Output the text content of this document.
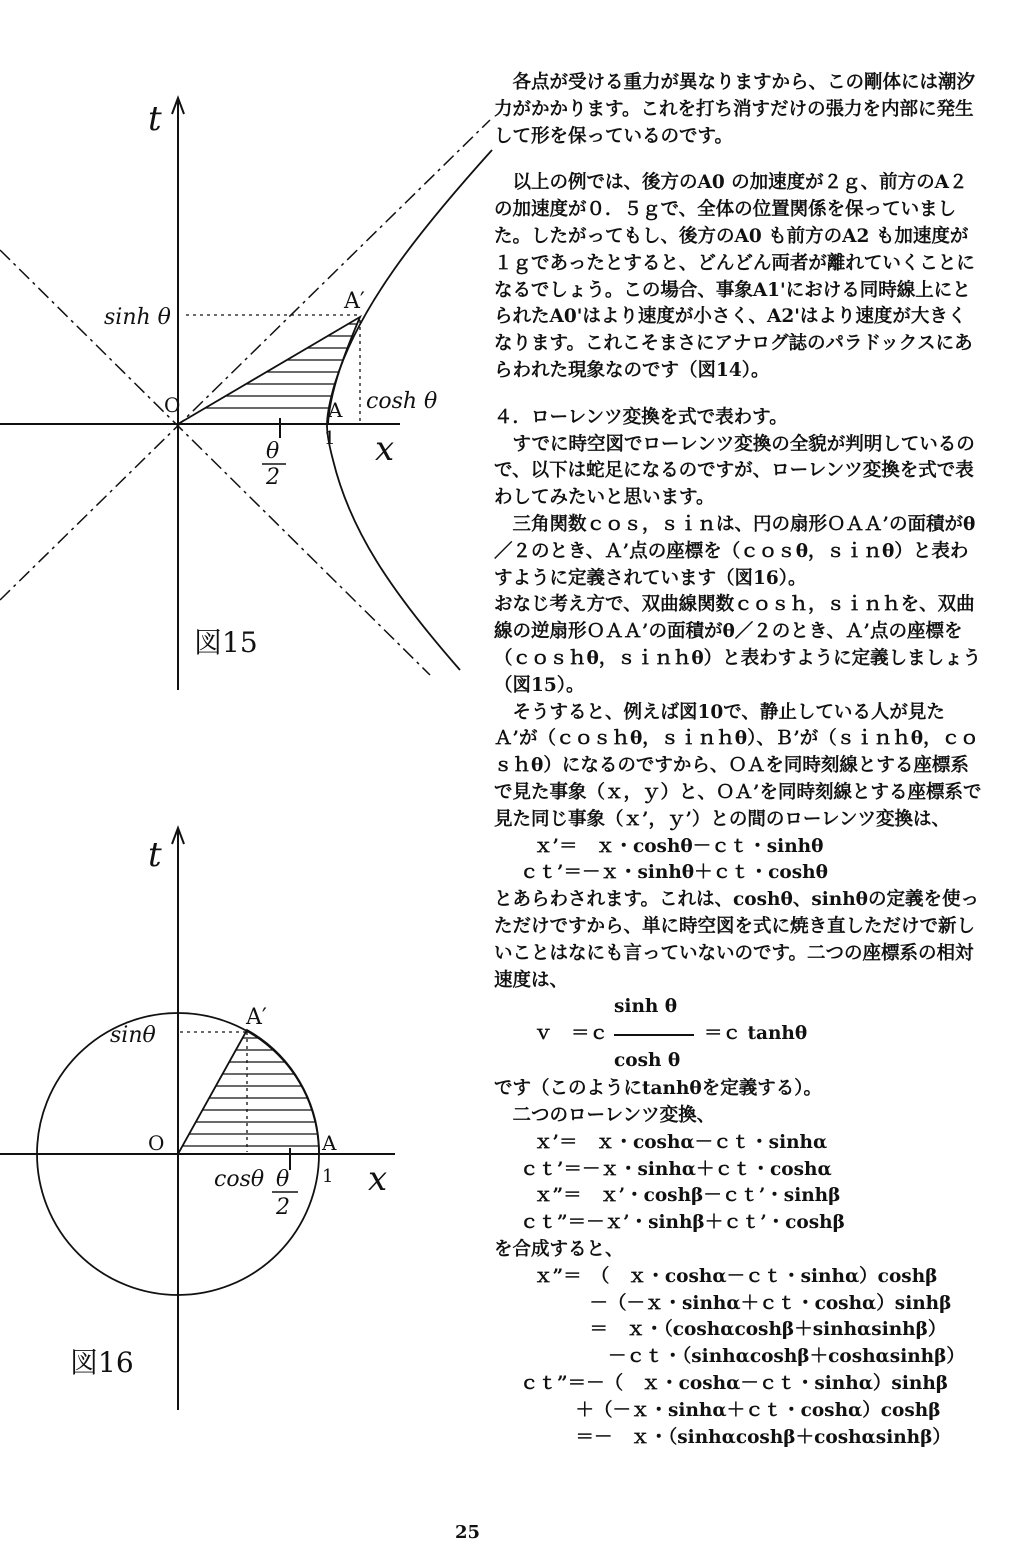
t
x
O
sinh θ
cosh θ
A′
A
1
θ
2
図15
t
x
O
sinθ
cosθ
A′
A
1
θ
2
図16

各点が受ける重力が異なりますから、この剛体には潮汐力がかかります。これを打ち消すだけの張力を内部に発生して形を保っているのです。

以上の例では、後方のA0 の加速度が２ｇ、前方のA２ の加速度が０．５ｇで、全体の位置関係を保っていました。したがってもし、後方のA0 も前方のA2 も加速度が１ｇであったとすると、どんどん両者が離れていくことになるでしょう。この場合、事象A1'における同時線上にとられたA0'はより速度が小さく、A2'はより速度が大きくなります。これこそまさにアナログ誌のパラドックスにあらわれた現象なのです（図14）。

４．ローレンツ変換を式で表わす。

すでに時空図でローレンツ変換の全貌が判明しているので、以下は蛇足になるのですが、ローレンツ変換を式で表わしてみたいと思います。

三角関数ｃｏｓ，ｓｉｎは、円の扇形ＯＡＡ’の面積がθ／２のとき、Ａ’点の座標を（ｃｏｓθ，ｓｉｎθ）と表わすように定義されています（図16）。

おなじ考え方で、双曲線関数ｃｏｓｈ，ｓｉｎｈを、双曲線の逆扇形ＯＡＡ’の面積がθ／２のとき、Ａ’点の座標を（ｃｏｓｈθ，ｓｉｎｈθ）と表わすように定義しましょう（図15）。

そうすると、例えば図10で、静止している人が見たＡ’が（ｃｏｓｈθ，ｓｉｎｈθ）、Ｂ’が（ｓｉｎｈθ，ｃｏｓｈθ）になるのですから、ＯＡを同時刻線とする座標系で見た事象（ｘ，ｙ）と、ＯＡ’を同時刻線とする座標系で見た同じ事象（ｘ’，ｙ’）との間のローレンツ変換は、

ｘ’＝　ｘ・coshθ－ｃｔ・sinhθ

ｃｔ’＝－ｘ・sinhθ＋ｃｔ・coshθ

とあらわされます。これは、coshθ、sinhθの定義を使っただけですから、単に時空図を式に焼き直しただけで新しいことはなにも言っていないのです。二つの座標系の相対速度は、

sinh θ
ｖ　＝ｃ	＝ｃ tanhθ
cosh θ

です（このようにtanhθを定義する）。

二つのローレンツ変換、

ｘ’＝　ｘ・coshα－ｃｔ・sinhα

ｃｔ’＝－ｘ・sinhα＋ｃｔ・coshα

ｘ”＝　ｘ’・coshβ－ｃｔ’・sinhβ

ｃｔ”＝－ｘ’・sinhβ＋ｃｔ’・coshβ

を合成すると、

ｘ”＝　（　ｘ・coshα－ｃｔ・sinhα）coshβ

　　　－（－ｘ・sinhα＋ｃｔ・coshα）sinhβ

　　　＝　ｘ・（coshαcoshβ＋sinhαsinhβ）

　　　　－ｃｔ・（sinhαcoshβ＋coshαsinhβ）

ｃｔ”＝－（　ｘ・coshα－ｃｔ・sinhα）sinhβ

　　　＋（－ｘ・sinhα＋ｃｔ・coshα）coshβ

　　　＝－　ｘ・（sinhαcoshβ＋coshαsinhβ）

25
